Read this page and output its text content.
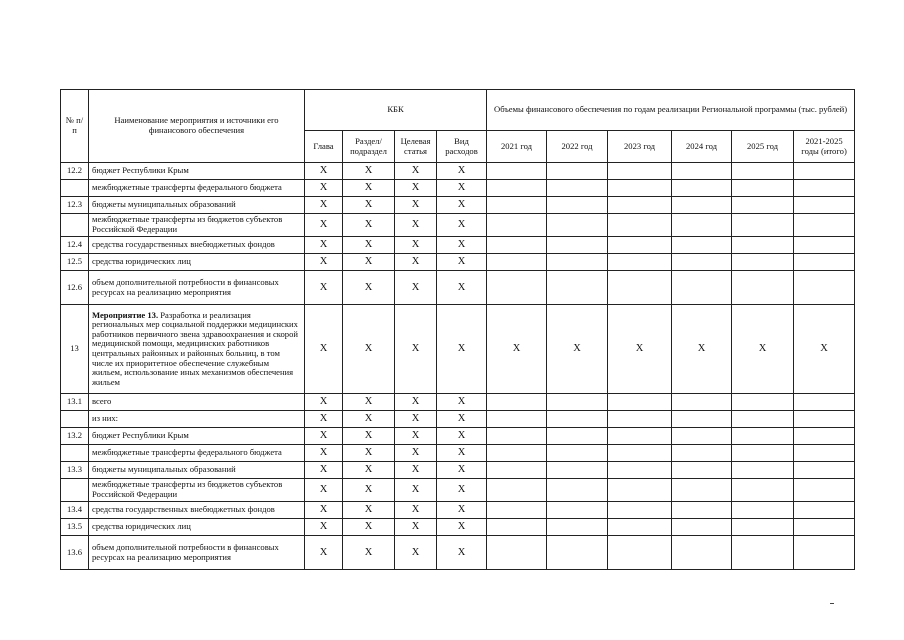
№ п/п	Наименование мероприятия и источники его финансового обеспечения	КБК				Объемы финансового обеспечения по годам реализации Региональной программы (тыс. рублей)					
		Глава	Раздел/ подраздел	Целевая статья	Вид расходов	2021 год	2022 год	2023 год	2024 год	2025 год	2021-2025 годы (итого)
12.2	бюджет Республики Крым	X	X	X	X						
	межбюджетные трансферты федерального бюджета	X	X	X	X						
12.3	бюджеты муниципальных образований	X	X	X	X						
	межбюджетные трансферты из бюджетов субъектов Российской Федерации	X	X	X	X						
12.4	средства государственных внебюджетных фондов	X	X	X	X						
12.5	средства юридических лиц	X	X	X	X						
12.6	объем дополнительной потребности в финансовых ресурсах на реализацию мероприятия	X	X	X	X						
13	Мероприятие 13. Разработка и реализация региональных мер социальной поддержки медицинских работников первичного звена здравоохранения и скорой медицинской помощи, медицинских работников центральных районных и районных больниц, в том числе их приоритетное обеспечение служебным жильем, использование иных механизмов обеспечения жильем	X	X	X	X	X	X	X	X	X	X
13.1	всего	X	X	X	X						
	из них:	X	X	X	X						
13.2	бюджет Республики Крым	X	X	X	X						
	межбюджетные трансферты федерального бюджета	X	X	X	X						
13.3	бюджеты муниципальных образований	X	X	X	X						
	межбюджетные трансферты из бюджетов субъектов Российской Федерации	X	X	X	X						
13.4	средства государственных внебюджетных фондов	X	X	X	X						
13.5	средства юридических лиц	X	X	X	X						
13.6	объем дополнительной потребности в финансовых ресурсах на реализацию мероприятия	X	X	X	X						
